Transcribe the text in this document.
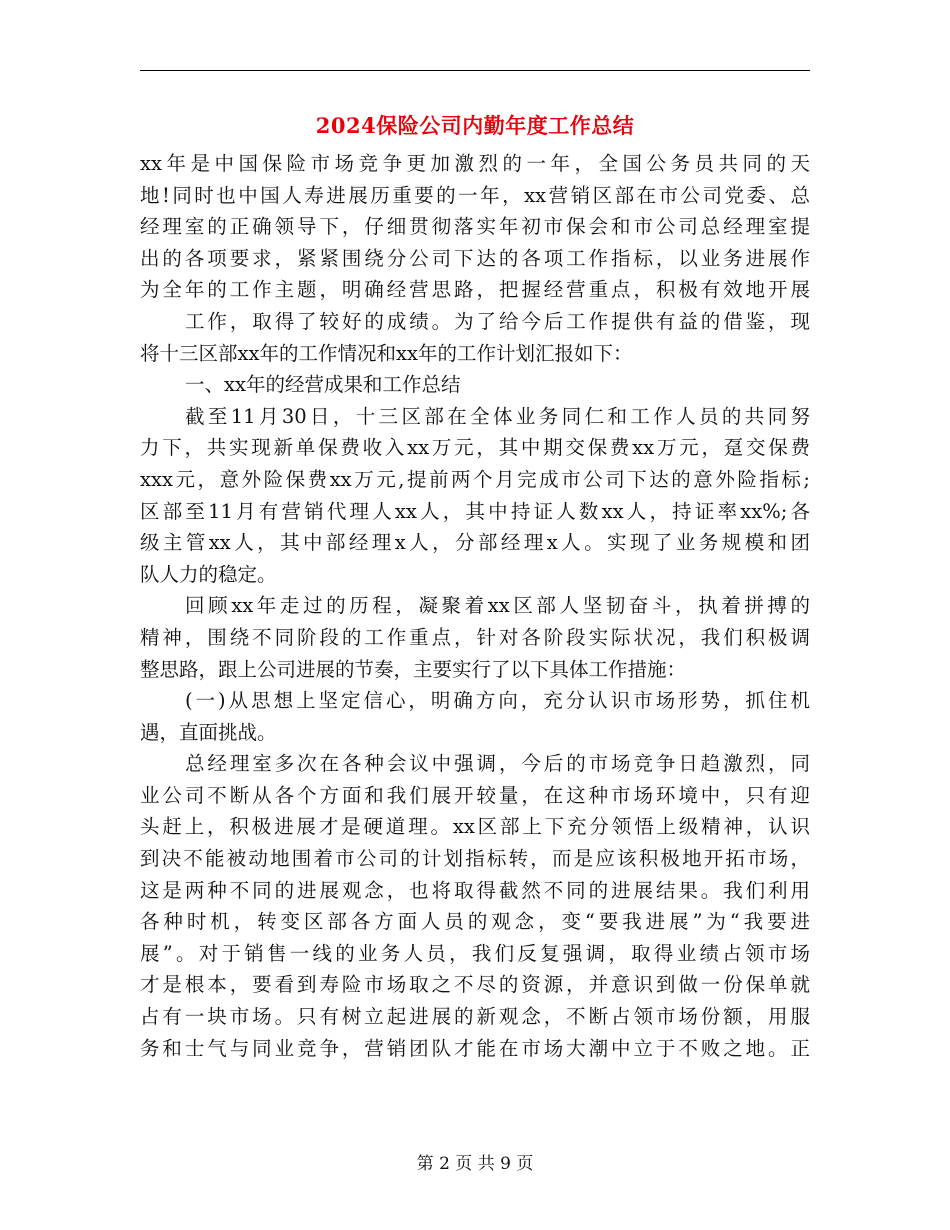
2024保险公司内勤年度工作总结
xx年是中国保险市场竞争更加激烈的一年，全国公务员共同的天
地!同时也中国人寿进展历重要的一年，xx营销区部在市公司党委、总
经理室的正确领导下，仔细贯彻落实年初市保会和市公司总经理室提
出的各项要求，紧紧围绕分公司下达的各项工作指标，以业务进展作
为全年的工作主题，明确经营思路，把握经营重点，积极有效地开展
工作，取得了较好的成绩。为了给今后工作提供有益的借鉴，现
将十三区部xx年的工作情况和xx年的工作计划汇报如下：
一、xx年的经营成果和工作总结
截至11月30日，十三区部在全体业务同仁和工作人员的共同努
力下，共实现新单保费收入xx万元，其中期交保费xx万元，趸交保费
xxx元，意外险保费xx万元,提前两个月完成市公司下达的意外险指标;
区部至11月有营销代理人xx人，其中持证人数xx人，持证率xx%;各
级主管xx人，其中部经理x人，分部经理x人。实现了业务规模和团
队人力的稳定。
回顾xx年走过的历程，凝聚着xx区部人坚韧奋斗，执着拼搏的
精神，围绕不同阶段的工作重点，针对各阶段实际状况，我们积极调
整思路，跟上公司进展的节奏，主要实行了以下具体工作措施：
(一)从思想上坚定信心，明确方向，充分认识市场形势，抓住机
遇，直面挑战。
总经理室多次在各种会议中强调，今后的市场竞争日趋激烈，同
业公司不断从各个方面和我们展开较量，在这种市场环境中，只有迎
头赶上，积极进展才是硬道理。xx区部上下充分领悟上级精神，认识
到决不能被动地围着市公司的计划指标转，而是应该积极地开拓市场，
这是两种不同的进展观念，也将取得截然不同的进展结果。我们利用
各种时机，转变区部各方面人员的观念，变“要我进展”为“我要进
展”。对于销售一线的业务人员，我们反复强调，取得业绩占领市场
才是根本，要看到寿险市场取之不尽的资源，并意识到做一份保单就
占有一块市场。只有树立起进展的新观念，不断占领市场份额，用服
务和士气与同业竞争，营销团队才能在市场大潮中立于不败之地。正
第 2 页 共 9 页
